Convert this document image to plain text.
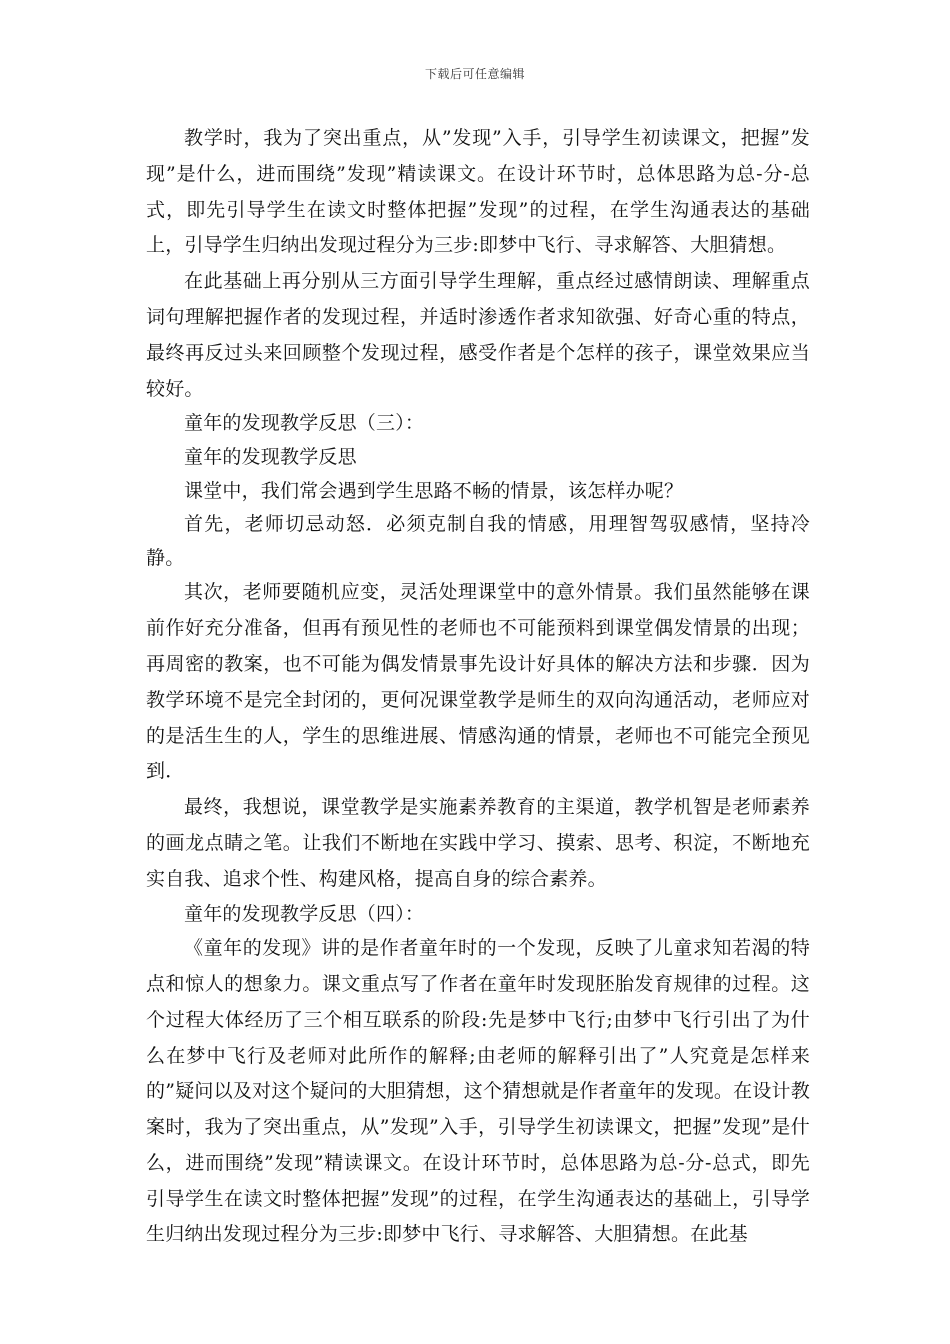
下载后可任意编辑

教学时，我为了突出重点，从”发现”入手，引导学生初读课文，把握”发现”是什么，进而围绕”发现”精读课文。在设计环节时，总体思路为总-分-总式，即先引导学生在读文时整体把握”发现”的过程，在学生沟通表达的基础上，引导学生归纳出发现过程分为三步:即梦中飞行、寻求解答、大胆猜想。

在此基础上再分别从三方面引导学生理解，重点经过感情朗读、理解重点词句理解把握作者的发现过程，并适时渗透作者求知欲强、好奇心重的特点，最终再反过头来回顾整个发现过程，感受作者是个怎样的孩子，课堂效果应当较好。

童年的发现教学反思（三）：

童年的发现教学反思

课堂中，我们常会遇到学生思路不畅的情景，该怎样办呢？

首先，老师切忌动怒．必须克制自我的情感，用理智驾驭感情，坚持冷静。

其次，老师要随机应变，灵活处理课堂中的意外情景。我们虽然能够在课前作好充分准备，但再有预见性的老师也不可能预料到课堂偶发情景的出现；再周密的教案，也不可能为偶发情景事先设计好具体的解决方法和步骤．因为教学环境不是完全封闭的，更何况课堂教学是师生的双向沟通活动，老师应对的是活生生的人，学生的思维进展、情感沟通的情景，老师也不可能完全预见到．

最终，我想说，课堂教学是实施素养教育的主渠道，教学机智是老师素养的画龙点睛之笔。让我们不断地在实践中学习、摸索、思考、积淀，不断地充实自我、追求个性、构建风格，提高自身的综合素养。

童年的发现教学反思（四）：

《童年的发现》讲的是作者童年时的一个发现，反映了儿童求知若渴的特点和惊人的想象力。课文重点写了作者在童年时发现胚胎发育规律的过程。这个过程大体经历了三个相互联系的阶段:先是梦中飞行;由梦中飞行引出了为什么在梦中飞行及老师对此所作的解释;由老师的解释引出了”人究竟是怎样来的”疑问以及对这个疑问的大胆猜想，这个猜想就是作者童年的发现。在设计教案时，我为了突出重点，从”发现”入手，引导学生初读课文，把握”发现”是什么，进而围绕”发现”精读课文。在设计环节时，总体思路为总-分-总式，即先引导学生在读文时整体把握”发现”的过程，在学生沟通表达的基础上，引导学生归纳出发现过程分为三步:即梦中飞行、寻求解答、大胆猜想。在此基
